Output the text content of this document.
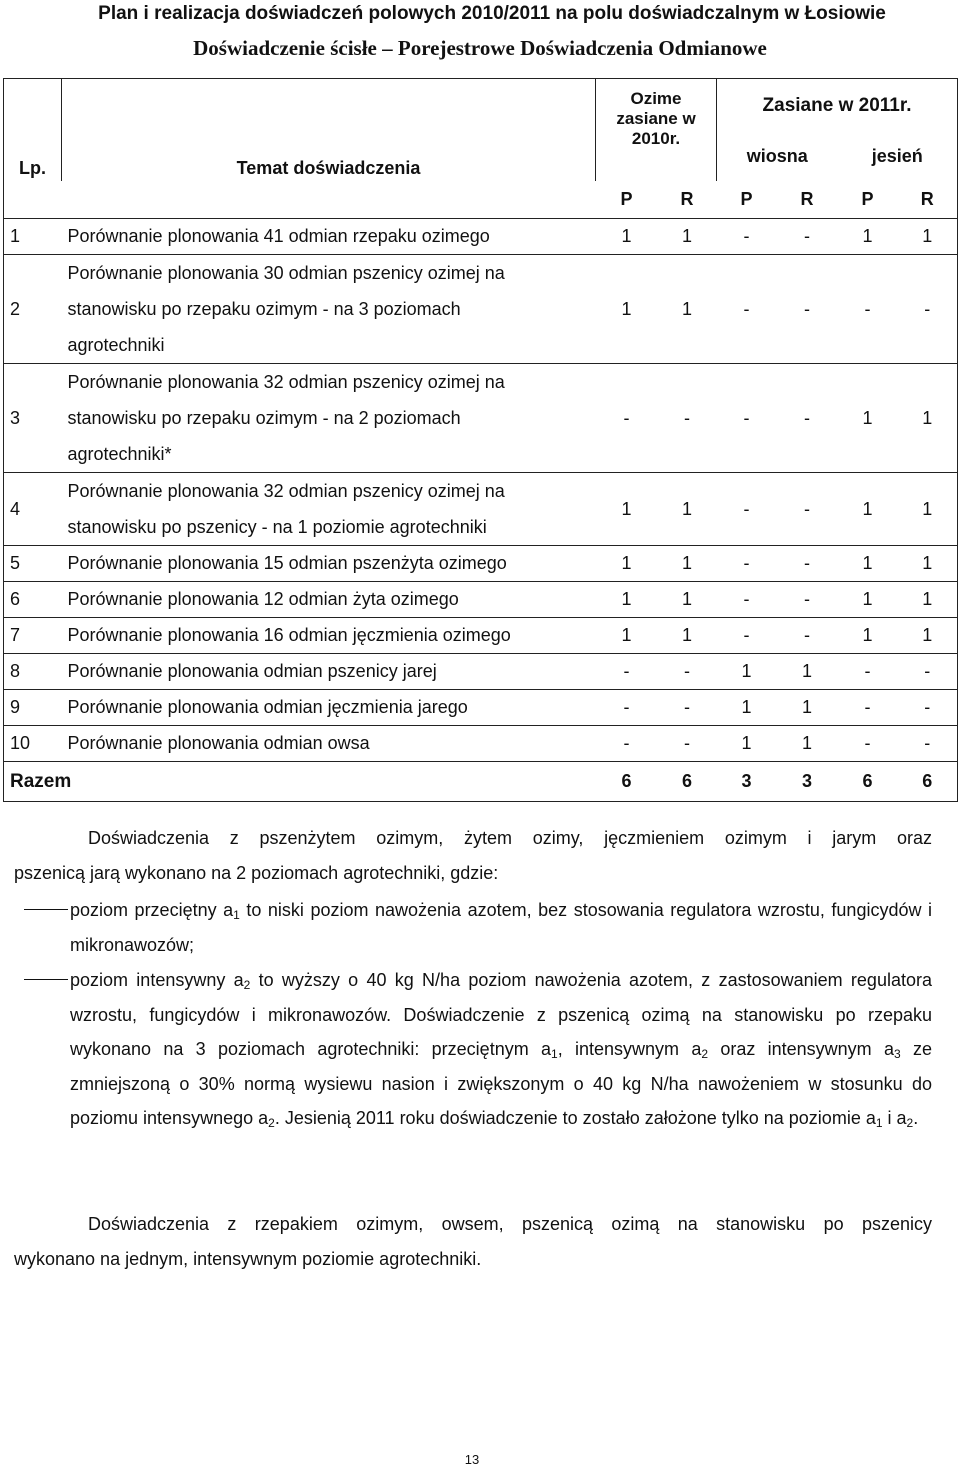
Plan i realizacja doświadczeń polowych 2010/2011 na polu doświadczalnym w Łosiowie
Doświadczenie ścisłe – Porejestrowe Doświadczenia Odmianowe
Lp.	Temat doświadczenia	Ozime zasiane w 2010r.		Zasiane w 2011r.			
				wiosna		jesień	
		P	R	P	R	P	R
1	Porównanie plonowania 41 odmian rzepaku ozimego	1	1	-	-	1	1
2	Porównanie plonowania 30 odmian pszenicy ozimej na
stanowisku po rzepaku ozimym - na 3 poziomach
agrotechniki	1	1	-	-	-	-
3	Porównanie plonowania 32 odmian pszenicy ozimej na
stanowisku po rzepaku ozimym - na 2 poziomach
agrotechniki*	-	-	-	-	1	1
4	Porównanie plonowania 32 odmian pszenicy ozimej na
stanowisku po pszenicy - na 1 poziomie agrotechniki	1	1	-	-	1	1
5	Porównanie plonowania 15 odmian pszenżyta ozimego	1	1	-	-	1	1
6	Porównanie plonowania 12 odmian żyta ozimego	1	1	-	-	1	1
7	Porównanie plonowania 16 odmian jęczmienia ozimego	1	1	-	-	1	1
8	Porównanie plonowania odmian pszenicy jarej	-	-	1	1	-	-
9	Porównanie plonowania odmian jęczmienia jarego	-	-	1	1	-	-
10	Porównanie plonowania odmian owsa	-	-	1	1	-	-
Razem		6	6	3	3	6	6
Doświadczenia z pszenżytem ozimym, żytem ozimy, jęczmieniem ozimym i jarym oraz
pszenicą jarą wykonano na 2 poziomach agrotechniki, gdzie:
poziom przeciętny $a_1$ to niski poziom nawożenia azotem, bez stosowania regulatora wzrostu, fungicydów i mikronawozów;
poziom intensywny $a_2$ to wyższy o 40 kg N/ha poziom nawożenia azotem, z zastosowaniem regulatora wzrostu, fungicydów i mikronawozów. Doświadczenie z pszenicą ozimą na stanowisku po rzepaku wykonano na 3 poziomach agrotechniki: przeciętnym $a_1$, intensywnym $a_2$ oraz intensywnym $a_3$ ze zmniejszoną o 30% normą wysiewu nasion i zwiększonym o 40 kg N/ha nawożeniem w stosunku do poziomu intensywnego $a_2$. Jesienią 2011 roku doświadczenie to zostało założone tylko na poziomie $a_1$ i $a_2$.
Doświadczenia z rzepakiem ozimym, owsem, pszenicą ozimą na stanowisku po pszenicy
wykonano na jednym, intensywnym poziomie agrotechniki.
13
